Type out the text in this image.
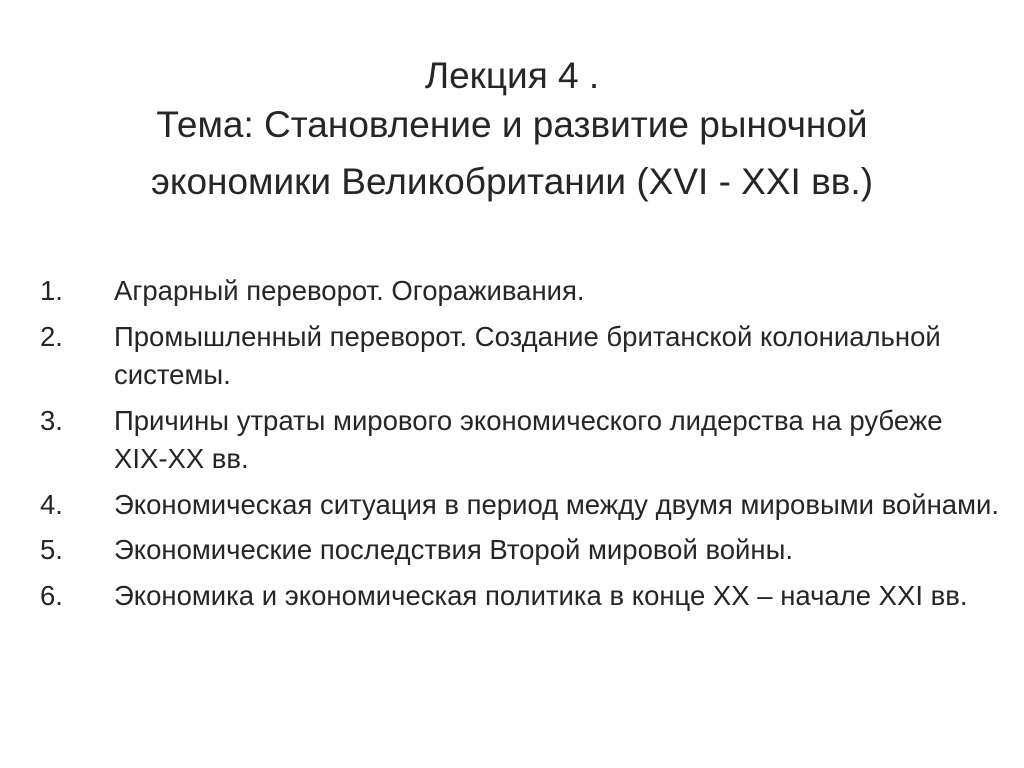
Лекция 4 .
Тема: Становление и развитие рыночной
экономики Великобритании (XVI - XXI вв.)
1.	Аграрный переворот. Огораживания.
2.	Промышленный переворот. Создание британской колониальной системы.
3.	Причины утраты мирового экономического лидерства на рубеже XIX-XX вв.
4.	Экономическая ситуация в период между двумя мировыми войнами.
5.	Экономические последствия Второй мировой войны.
6.	Экономика и экономическая политика в конце XX – начале XXI вв.
